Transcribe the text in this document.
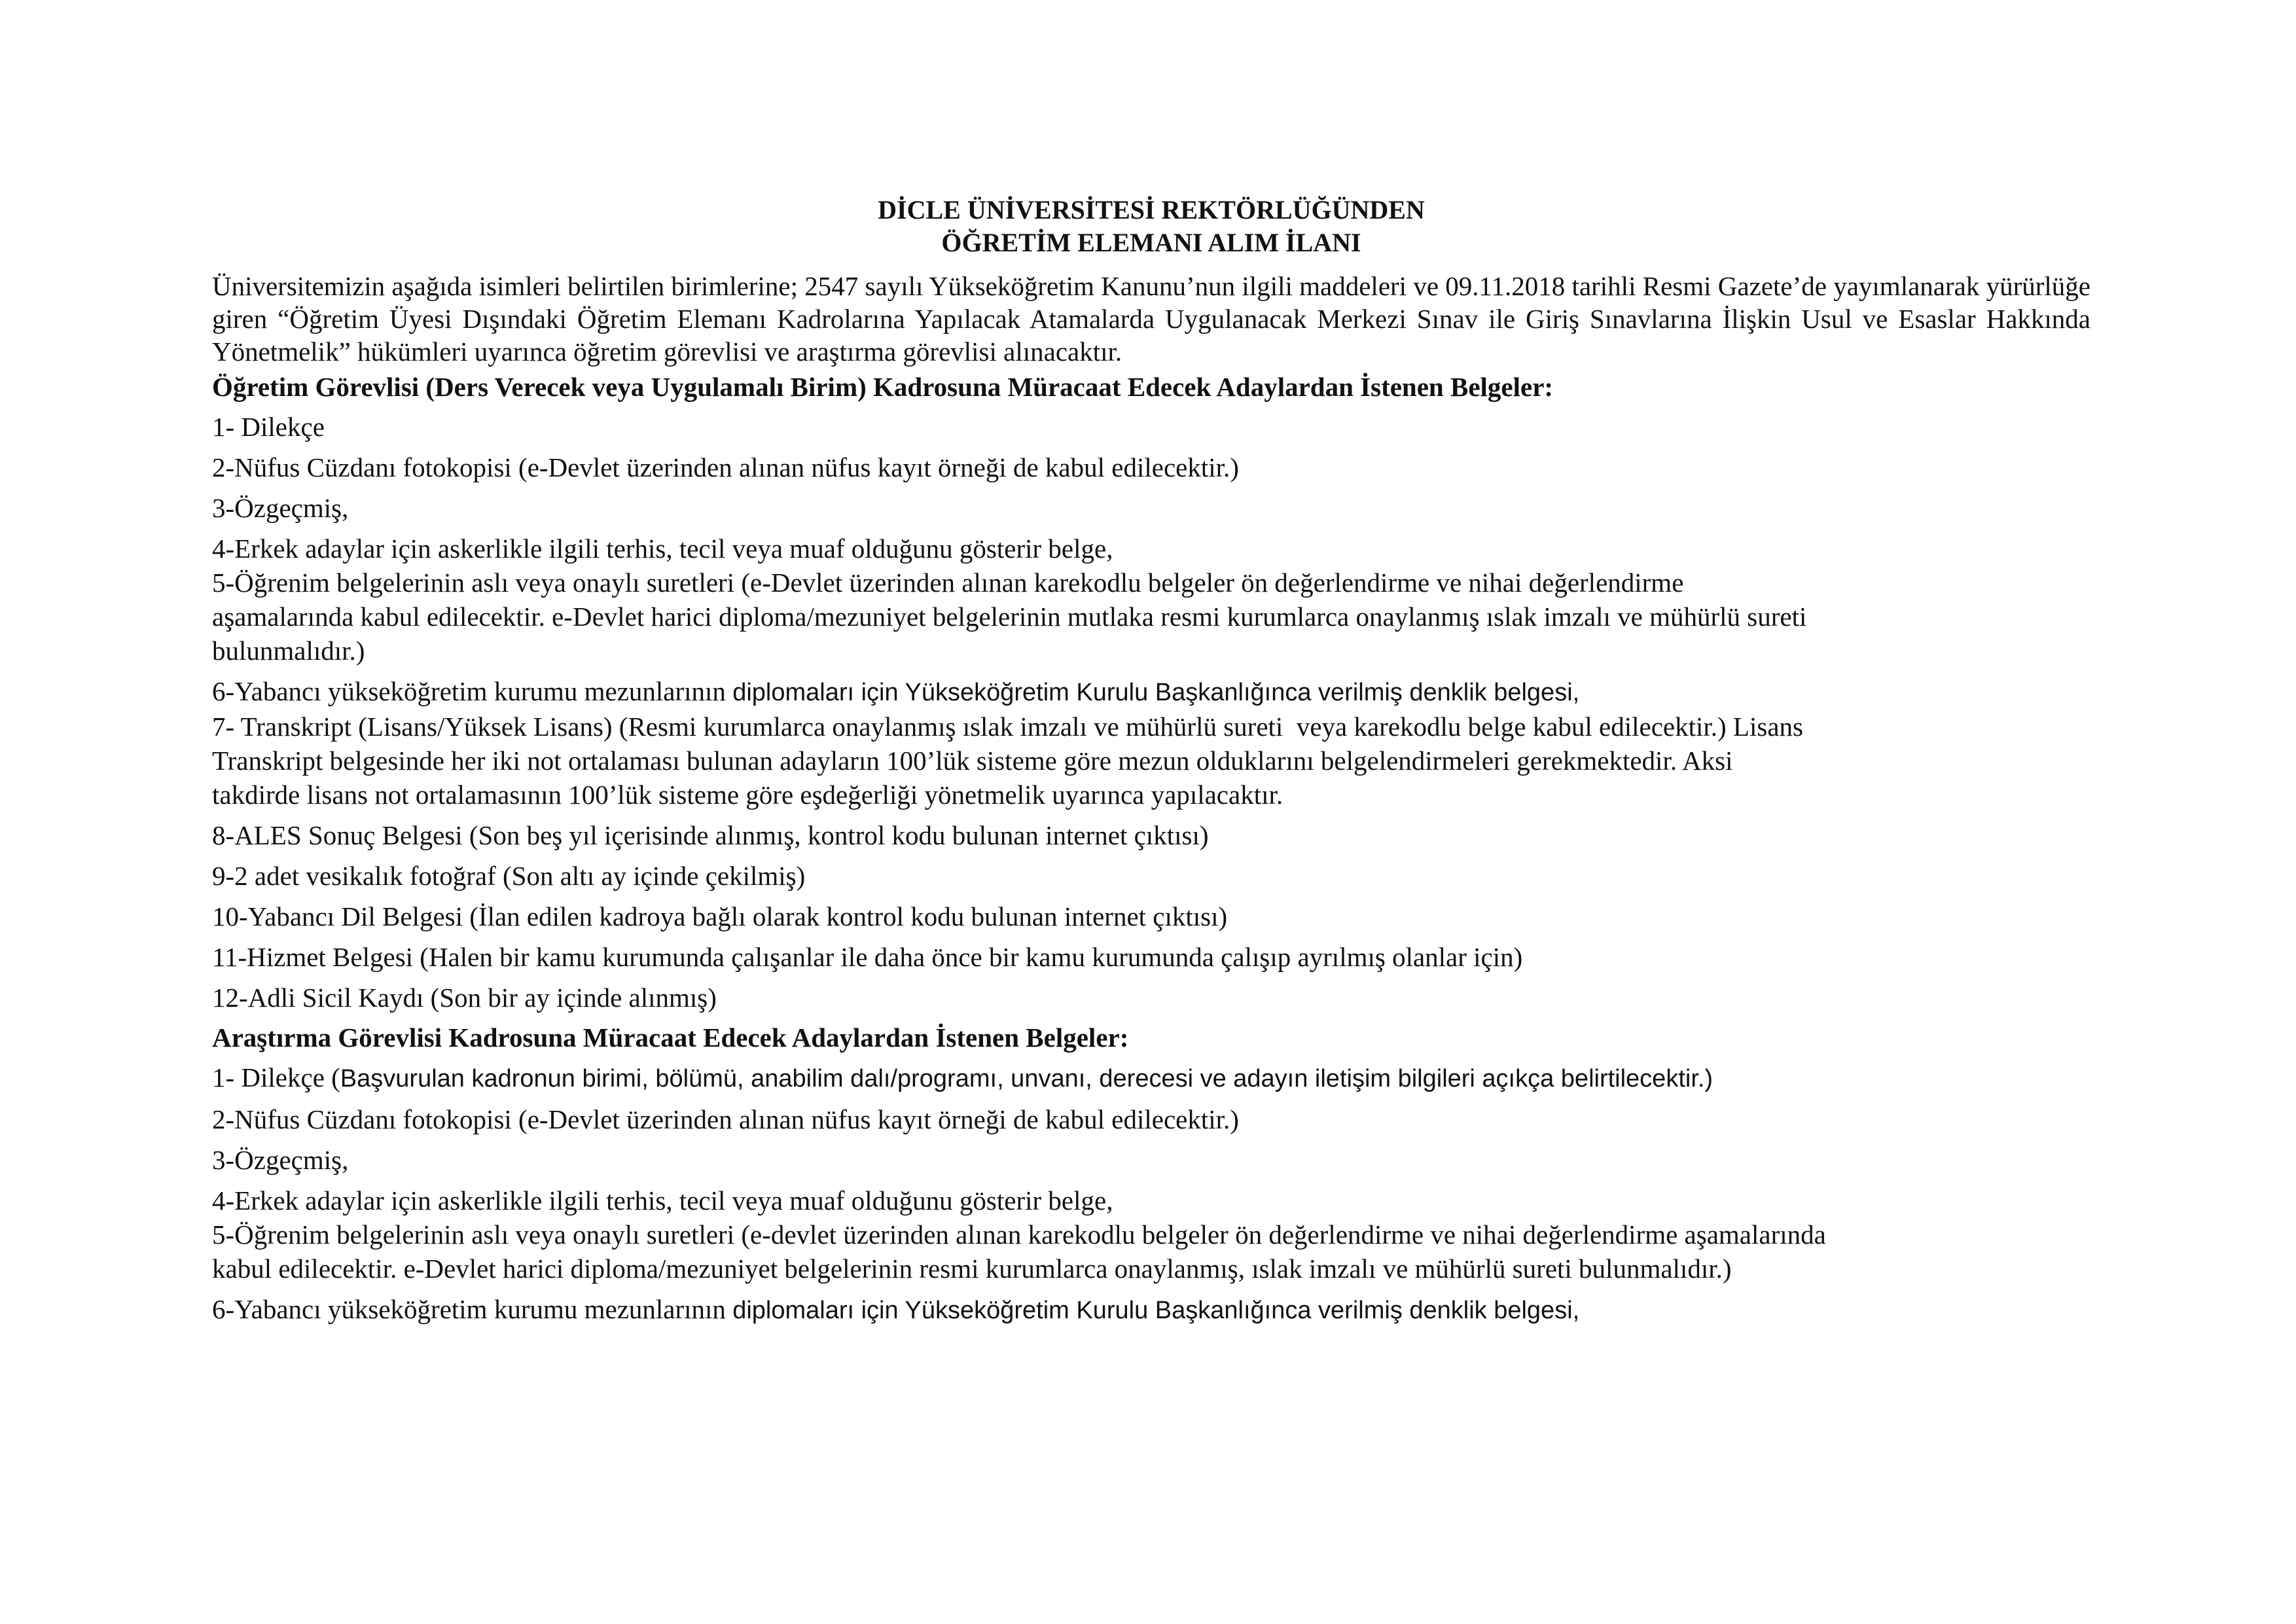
DİCLE ÜNİVERSİTESİ REKTÖRLÜĞÜNDEN
ÖĞRETİM ELEMANI ALIM İLANI

Üniversitemizin aşağıda isimleri belirtilen birimlerine; 2547 sayılı Yükseköğretim Kanunu’nun ilgili maddeleri ve 09.11.2018 tarihli Resmi Gazete’de yayımlanarak yürürlüğe giren “Öğretim Üyesi Dışındaki Öğretim Elemanı Kadrolarına Yapılacak Atamalarda Uygulanacak Merkezi Sınav ile Giriş Sınavlarına İlişkin Usul ve Esaslar Hakkında Yönetmelik” hükümleri uyarınca öğretim görevlisi ve araştırma görevlisi alınacaktır.

Öğretim Görevlisi (Ders Verecek veya Uygulamalı Birim) Kadrosuna Müracaat Edecek Adaylardan İstenen Belgeler:

1- Dilekçe

2-Nüfus Cüzdanı fotokopisi (e-Devlet üzerinden alınan nüfus kayıt örneği de kabul edilecektir.)

3-Özgeçmiş,

4-Erkek adaylar için askerlikle ilgili terhis, tecil veya muaf olduğunu gösterir belge,

5-Öğrenim belgelerinin aslı veya onaylı suretleri (e-Devlet üzerinden alınan karekodlu belgeler ön değerlendirme ve nihai değerlendirme
aşamalarında kabul edilecektir. e-Devlet harici diploma/mezuniyet belgelerinin mutlaka resmi kurumlarca onaylanmış ıslak imzalı ve mühürlü sureti
bulunmalıdır.)

6-Yabancı yükseköğretim kurumu mezunlarının diplomaları için Yükseköğretim Kurulu Başkanlığınca verilmiş denklik belgesi,

7- Transkript (Lisans/Yüksek Lisans) (Resmi kurumlarca onaylanmış ıslak imzalı ve mühürlü sureti  veya karekodlu belge kabul edilecektir.) Lisans
Transkript belgesinde her iki not ortalaması bulunan adayların 100’lük sisteme göre mezun olduklarını belgelendirmeleri gerekmektedir. Aksi
takdirde lisans not ortalamasının 100’lük sisteme göre eşdeğerliği yönetmelik uyarınca yapılacaktır.

8-ALES Sonuç Belgesi (Son beş yıl içerisinde alınmış, kontrol kodu bulunan internet çıktısı)

9-2 adet vesikalık fotoğraf (Son altı ay içinde çekilmiş)

10-Yabancı Dil Belgesi (İlan edilen kadroya bağlı olarak kontrol kodu bulunan internet çıktısı)

11-Hizmet Belgesi (Halen bir kamu kurumunda çalışanlar ile daha önce bir kamu kurumunda çalışıp ayrılmış olanlar için)

12-Adli Sicil Kaydı (Son bir ay içinde alınmış)

Araştırma Görevlisi Kadrosuna Müracaat Edecek Adaylardan İstenen Belgeler:

1- Dilekçe (Başvurulan kadronun birimi, bölümü, anabilim dalı/programı, unvanı, derecesi ve adayın iletişim bilgileri açıkça belirtilecektir.)

2-Nüfus Cüzdanı fotokopisi (e-Devlet üzerinden alınan nüfus kayıt örneği de kabul edilecektir.)

3-Özgeçmiş,

4-Erkek adaylar için askerlikle ilgili terhis, tecil veya muaf olduğunu gösterir belge,

5-Öğrenim belgelerinin aslı veya onaylı suretleri (e-devlet üzerinden alınan karekodlu belgeler ön değerlendirme ve nihai değerlendirme aşamalarında
kabul edilecektir. e-Devlet harici diploma/mezuniyet belgelerinin resmi kurumlarca onaylanmış, ıslak imzalı ve mühürlü sureti bulunmalıdır.)

6-Yabancı yükseköğretim kurumu mezunlarının diplomaları için Yükseköğretim Kurulu Başkanlığınca verilmiş denklik belgesi,
